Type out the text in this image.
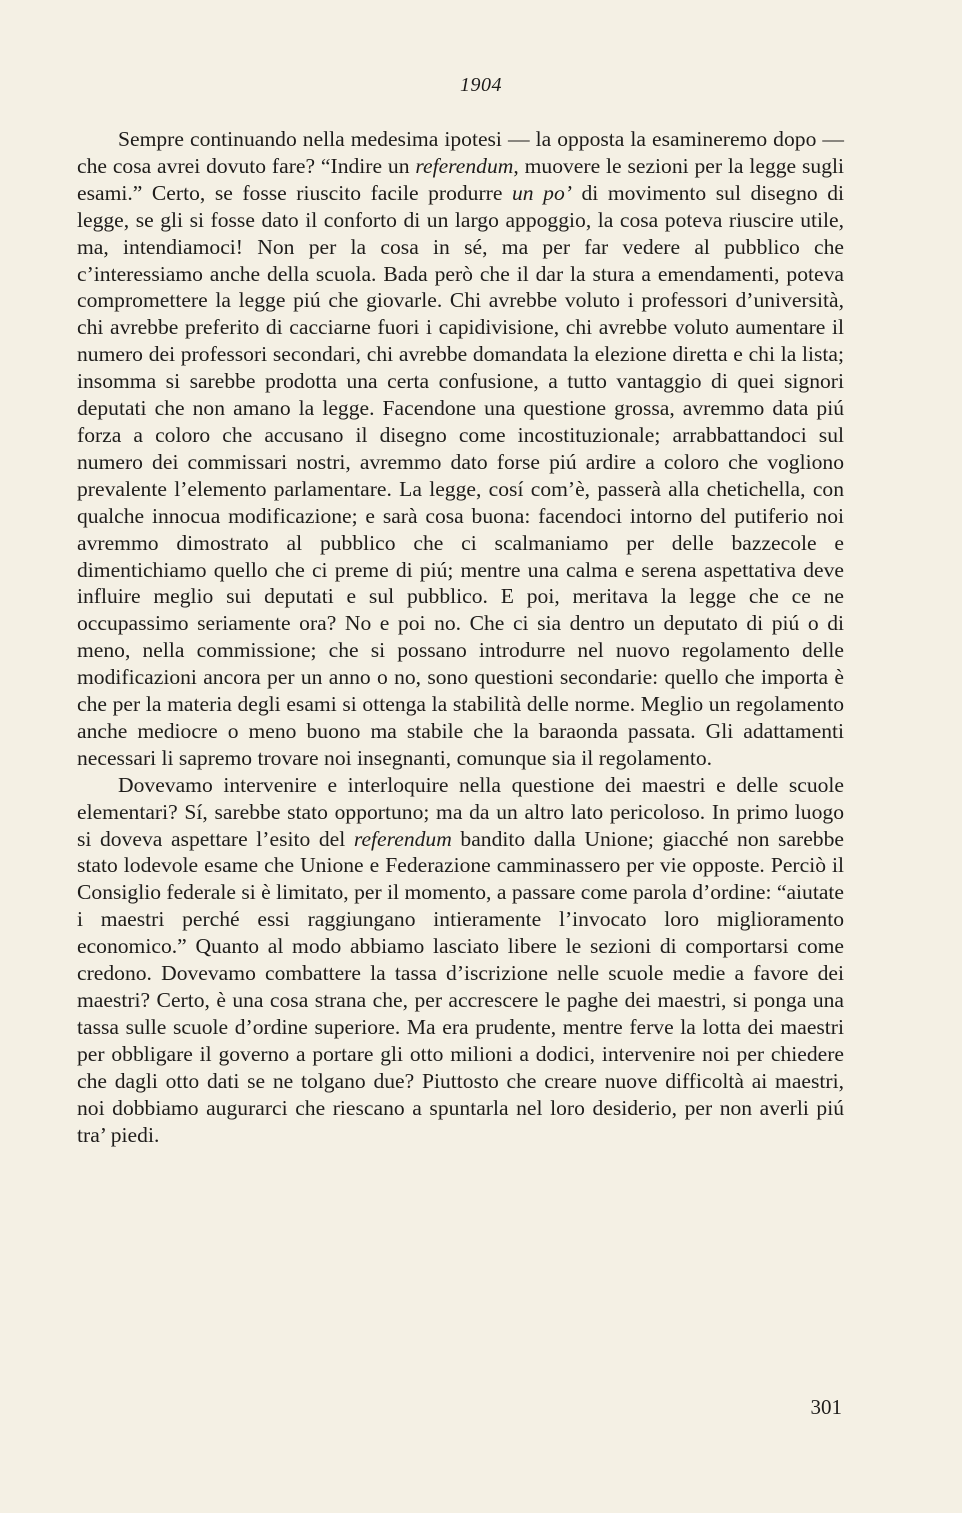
1904

Sempre continuando nella medesima ipotesi — la opposta la esamineremo dopo — che cosa avrei dovuto fare? “Indire un referendum, muovere le sezioni per la legge sugli esami.” Certo, se fosse riuscito facile produrre un po’ di movimento sul disegno di legge, se gli si fosse dato il conforto di un largo appoggio, la cosa poteva riuscire utile, ma, intendiamoci! Non per la cosa in sé, ma per far vedere al pubblico che c’interessiamo anche della scuola. Bada però che il dar la stura a emendamenti, poteva compromettere la legge piú che giovarle. Chi avrebbe voluto i professori d’università, chi avrebbe preferito di cacciarne fuori i capidivisione, chi avrebbe voluto aumentare il numero dei professori secondari, chi avrebbe domandata la elezione diretta e chi la lista; insomma si sarebbe prodotta una certa confusione, a tutto vantaggio di quei signori deputati che non amano la legge. Facendone una questione grossa, avremmo data piú forza a coloro che accusano il disegno come incostituzionale; arrabbattandoci sul numero dei commissari nostri, avremmo dato forse piú ardire a coloro che vogliono prevalente l’elemento parlamentare. La legge, cosí com’è, passerà alla chetichella, con qualche innocua modificazione; e sarà cosa buona: facendoci intorno del putiferio noi avremmo dimostrato al pubblico che ci scalmaniamo per delle bazzecole e dimentichiamo quello che ci preme di piú; mentre una calma e serena aspettativa deve influire meglio sui deputati e sul pubblico. E poi, meritava la legge che ce ne occupassimo seriamente ora? No e poi no. Che ci sia dentro un deputato di piú o di meno, nella commissione; che si possano introdurre nel nuovo regolamento delle modificazioni ancora per un anno o no, sono questioni secondarie: quello che importa è che per la materia degli esami si ottenga la stabilità delle norme. Meglio un regolamento anche mediocre o meno buono ma stabile che la baraonda passata. Gli adattamenti necessari li sapremo trovare noi insegnanti, comunque sia il regolamento.

Dovevamo intervenire e interloquire nella questione dei maestri e delle scuole elementari? Sí, sarebbe stato opportuno; ma da un altro lato pericoloso. In primo luogo si doveva aspettare l’esito del referendum bandito dalla Unione; giacché non sarebbe stato lodevole esame che Unione e Federazione camminassero per vie opposte. Perciò il Consiglio federale si è limitato, per il momento, a passare come parola d’ordine: “aiutate i maestri perché essi raggiungano intieramente l’invocato loro miglioramento economico.” Quanto al modo abbiamo lasciato libere le sezioni di comportarsi come credono. Dovevamo combattere la tassa d’iscrizione nelle scuole medie a favore dei maestri? Certo, è una cosa strana che, per accrescere le paghe dei maestri, si ponga una tassa sulle scuole d’ordine superiore. Ma era prudente, mentre ferve la lotta dei maestri per obbligare il governo a portare gli otto milioni a dodici, intervenire noi per chiedere che dagli otto dati se ne tolgano due? Piuttosto che creare nuove difficoltà ai maestri, noi dobbiamo augurarci che riescano a spuntarla nel loro desiderio, per non averli piú tra’ piedi.

301
